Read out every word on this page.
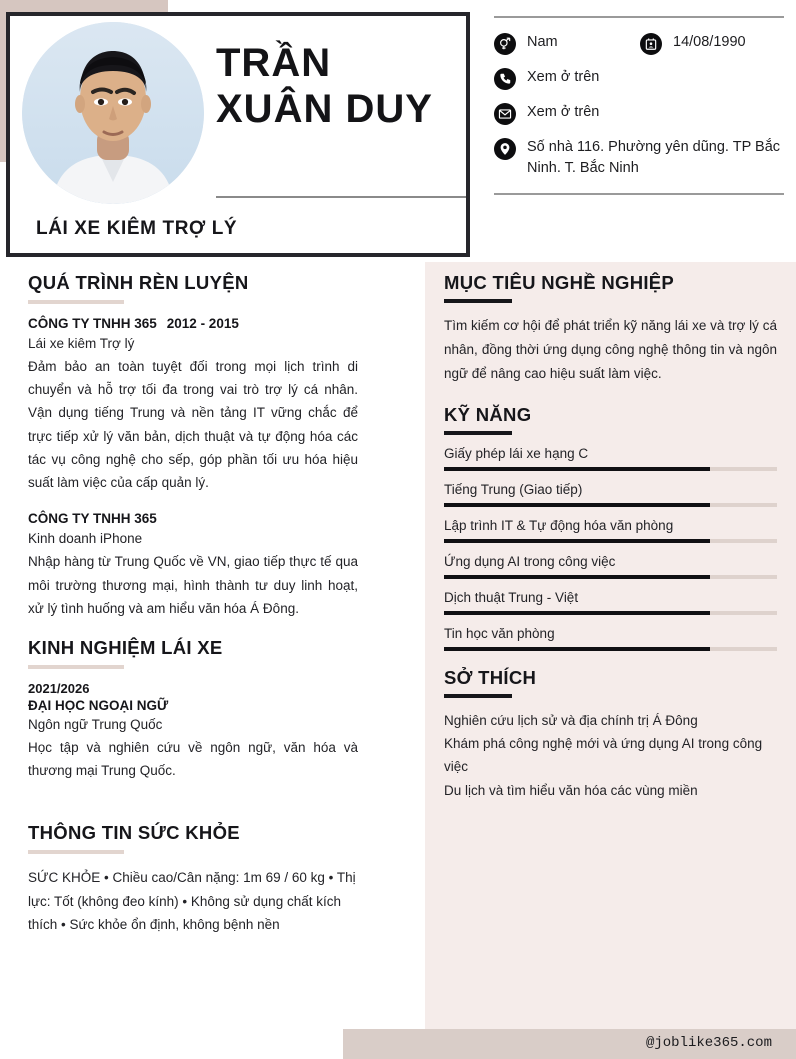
TRẦN
XUÂN DUY
LÁI XE KIÊM TRỢ LÝ
Nam	14/08/1990
Xem ở trên
Xem ở trên
Số nhà 116. Phường yên dũng. TP Bắc Ninh. T. Bắc Ninh
QUÁ TRÌNH RÈN LUYỆN
CÔNG TY TNHH 365 2012 - 2015
Lái xe kiêm Trợ lý
Đảm bảo an toàn tuyệt đối trong mọi lịch trình di chuyển và hỗ trợ tối đa trong vai trò trợ lý cá nhân. Vận dụng tiếng Trung và nền tảng IT vững chắc để trực tiếp xử lý văn bản, dịch thuật và tự động hóa các tác vụ công nghệ cho sếp, góp phần tối ưu hóa hiệu suất làm việc của cấp quản lý.
CÔNG TY TNHH 365
Kinh doanh iPhone
Nhập hàng từ Trung Quốc về VN, giao tiếp thực tế qua môi trường thương mại, hình thành tư duy linh hoạt, xử lý tình huống và am hiểu văn hóa Á Đông.
KINH NGHIỆM LÁI XE
2021/2026
ĐẠI HỌC NGOẠI NGỮ
Ngôn ngữ Trung Quốc
Học tập và nghiên cứu về ngôn ngữ, văn hóa và thương mại Trung Quốc.
THÔNG TIN SỨC KHỎE
SỨC KHỎE • Chiều cao/Cân nặng: 1m 69 / 60 kg • Thị lực: Tốt (không đeo kính) • Không sử dụng chất kích thích • Sức khỏe ổn định, không bệnh nền
MỤC TIÊU NGHỀ NGHIỆP
Tìm kiếm cơ hội để phát triển kỹ năng lái xe và trợ lý cá nhân, đồng thời ứng dụng công nghệ thông tin và ngôn ngữ để nâng cao hiệu suất làm việc.
KỸ NĂNG
Giấy phép lái xe hạng C
Tiếng Trung (Giao tiếp)
Lập trình IT & Tự động hóa văn phòng
Ứng dụng AI trong công việc
Dịch thuật Trung - Việt
Tin học văn phòng
SỞ THÍCH
Nghiên cứu lịch sử và địa chính trị Á Đông
Khám phá công nghệ mới và ứng dụng AI trong công việc
Du lịch và tìm hiểu văn hóa các vùng miền
@joblike365.com
